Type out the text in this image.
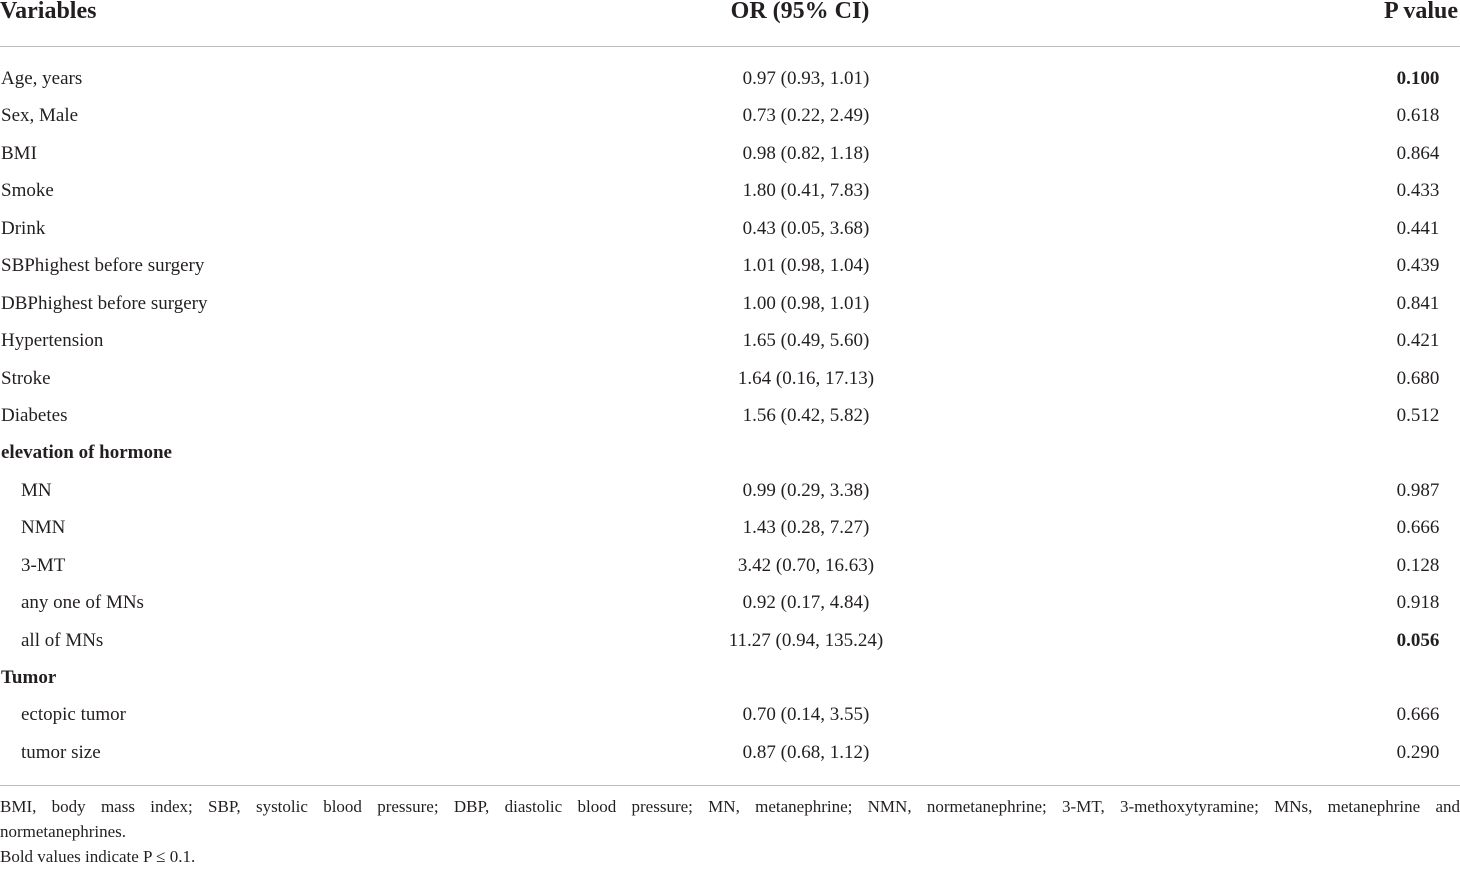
Variables	OR (95% CI)	P value
Age, years	0.97 (0.93, 1.01)	0.100
Sex, Male	0.73 (0.22, 2.49)	0.618
BMI	0.98 (0.82, 1.18)	0.864
Smoke	1.80 (0.41, 7.83)	0.433
Drink	0.43 (0.05, 3.68)	0.441
SBPhighest before surgery	1.01 (0.98, 1.04)	0.439
DBPhighest before surgery	1.00 (0.98, 1.01)	0.841
Hypertension	1.65 (0.49, 5.60)	0.421
Stroke	1.64 (0.16, 17.13)	0.680
Diabetes	1.56 (0.42, 5.82)	0.512
elevation of hormone
MN	0.99 (0.29, 3.38)	0.987
NMN	1.43 (0.28, 7.27)	0.666
3-MT	3.42 (0.70, 16.63)	0.128
any one of MNs	0.92 (0.17, 4.84)	0.918
all of MNs	11.27 (0.94, 135.24)	0.056
Tumor
ectopic tumor	0.70 (0.14, 3.55)	0.666
tumor size	0.87 (0.68, 1.12)	0.290

BMI, body mass index; SBP, systolic blood pressure; DBP, diastolic blood pressure; MN, metanephrine; NMN, normetanephrine; 3-MT, 3-methoxytyramine; MNs, metanephrine and

normetanephrines.

Bold values indicate P ≤ 0.1.
